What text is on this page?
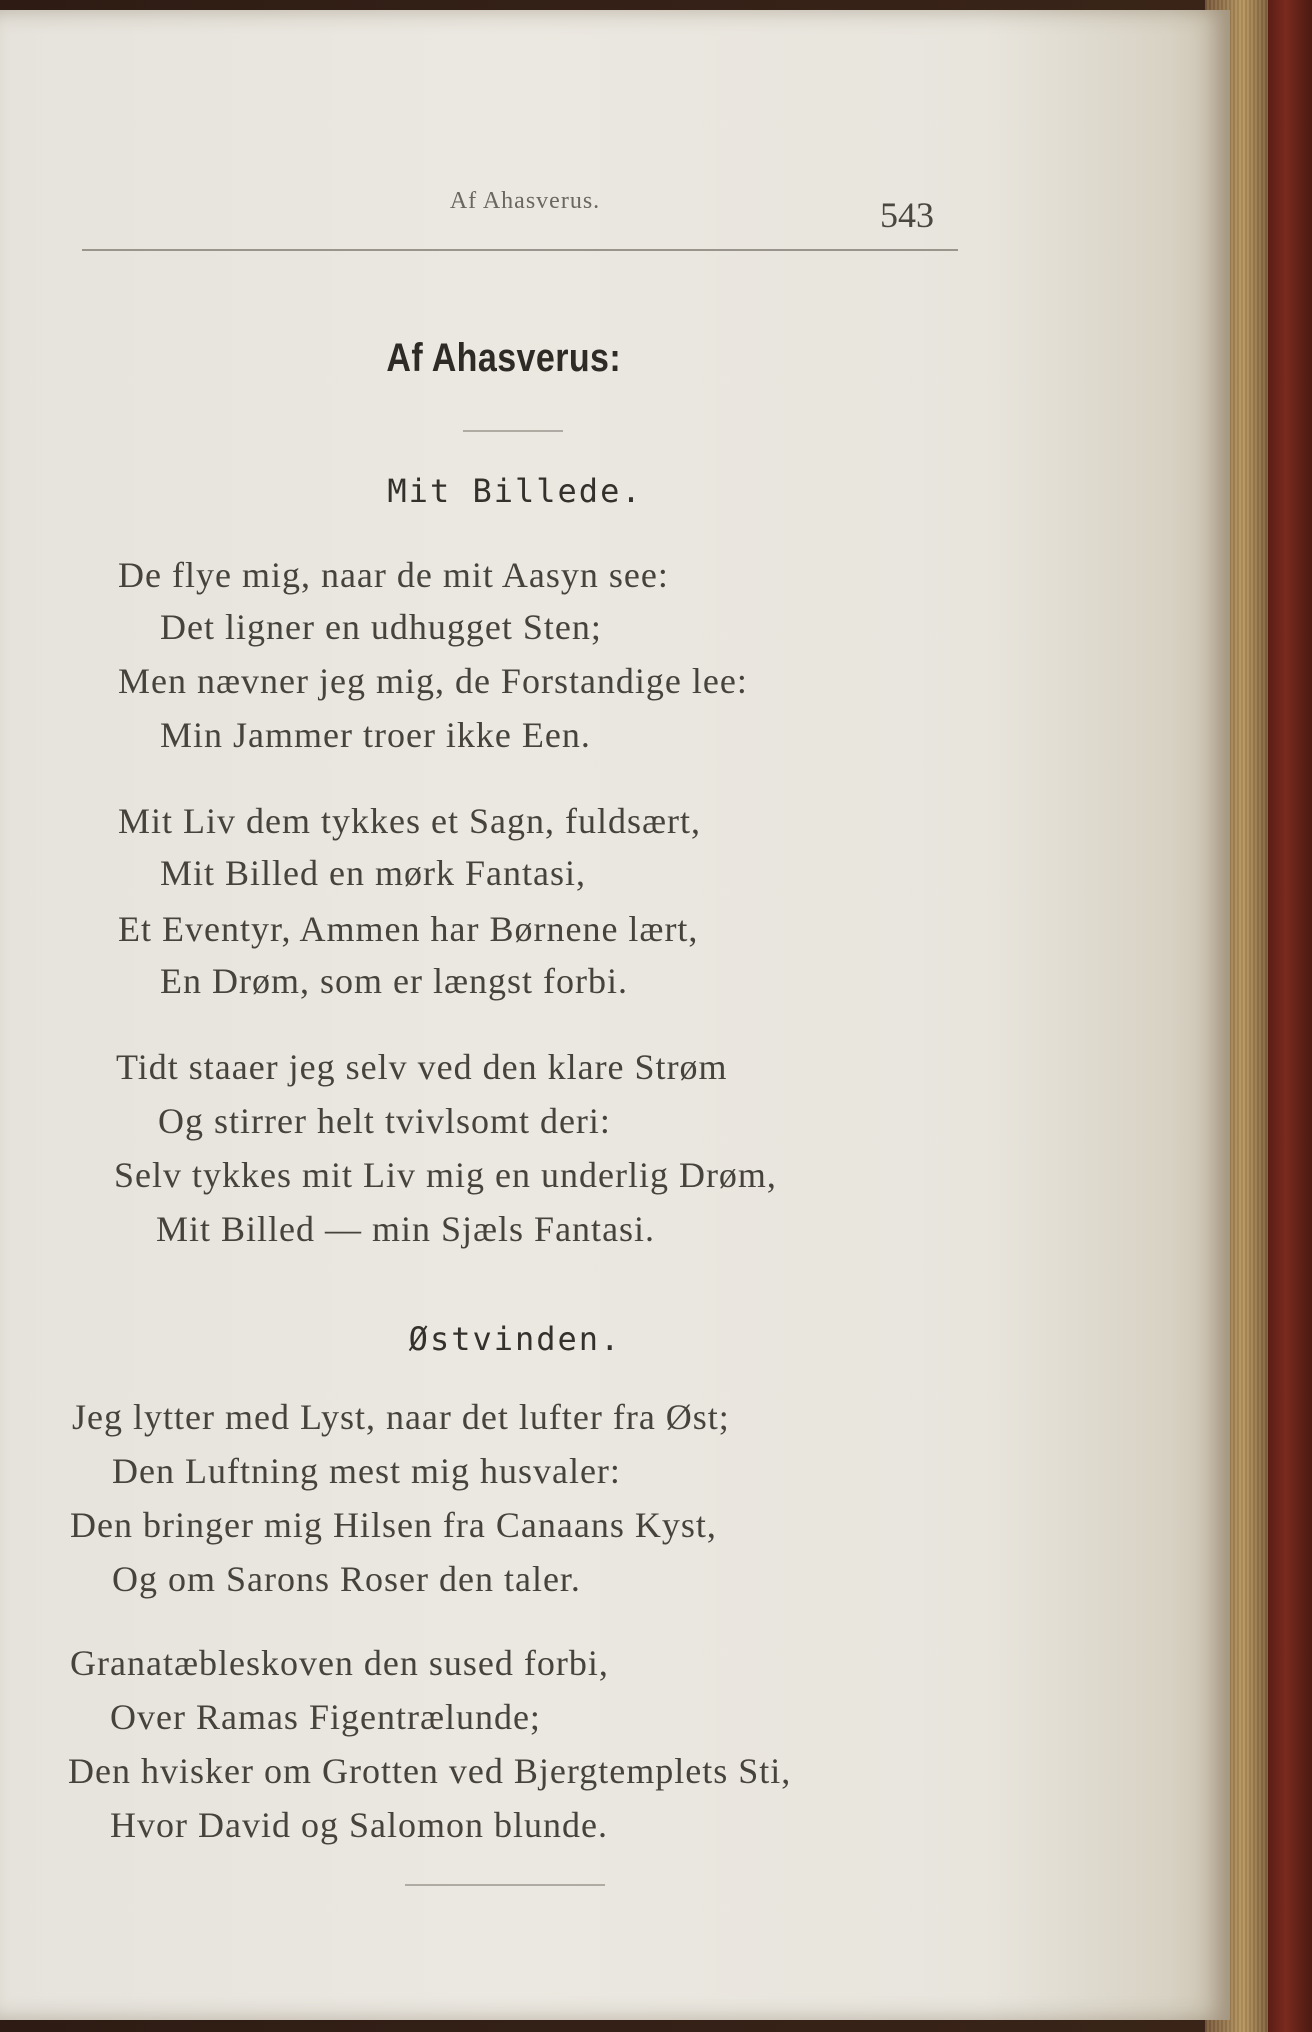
Af Ahasverus.	543
Af Ahasverus:
Mit Billede.
De flye mig, naar de mit Aasyn see:
Det ligner en udhugget Sten;
Men nævner jeg mig, de Forstandige lee:
Min Jammer troer ikke Een.
Mit Liv dem tykkes et Sagn, fuldsært,
Mit Billed en mørk Fantasi,
Et Eventyr, Ammen har Børnene lært,
En Drøm, som er længst forbi.
Tidt staaer jeg selv ved den klare Strøm
Og stirrer helt tvivlsomt deri:
Selv tykkes mit Liv mig en underlig Drøm,
Mit Billed — min Sjæls Fantasi.
Østvinden.
Jeg lytter med Lyst, naar det lufter fra Øst;
Den Luftning mest mig husvaler:
Den bringer mig Hilsen fra Canaans Kyst,
Og om Sarons Roser den taler.
Granatæbleskoven den sused forbi,
Over Ramas Figentrælunde;
Den hvisker om Grotten ved Bjergtemplets Sti,
Hvor David og Salomon blunde.
